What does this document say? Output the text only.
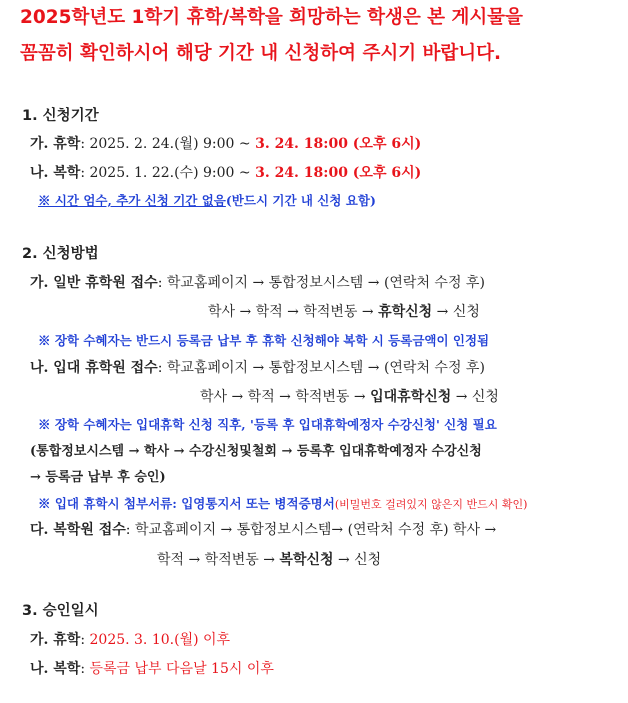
2025학년도 1학기 휴학/복학을 희망하는 학생은 본 게시물을
꼼꼼히 확인하시어 해당 기간 내 신청하여 주시기 바랍니다.
1. 신청기간
가. 휴학: 2025. 2. 24.(월) 9:00 ~ 3. 24. 18:00 (오후 6시)
나. 복학: 2025. 1. 22.(수) 9:00 ~ 3. 24. 18:00 (오후 6시)
※ 시간 엄수, 추가 신청 기간 없음(반드시 기간 내 신청 요함)
2. 신청방법
가. 일반 휴학원 접수: 학교홈페이지 → 통합정보시스템 → (연락처 수정 후)
학사 → 학적 → 학적변동 → 휴학신청 → 신청
※ 장학 수혜자는 반드시 등록금 납부 후 휴학 신청해야 복학 시 등록금액이 인정됨
나. 입대 휴학원 접수: 학교홈페이지 → 통합정보시스템 → (연락처 수정 후)
학사 → 학적 → 학적변동 → 입대휴학신청 → 신청
※ 장학 수혜자는 입대휴학 신청 직후, '등록 후 입대휴학예정자 수강신청' 신청 필요
(통합정보시스템 → 학사 → 수강신청및철회 → 등록후 입대휴학예정자 수강신청
→ 등록금 납부 후 승인)
※ 입대 휴학시 첨부서류: 입영통지서 또는 병적증명서(비밀번호 걸려있지 않은지 반드시 확인)
다. 복학원 접수: 학교홈페이지 → 통합정보시스템→ (연락처 수정 후) 학사 →
학적 → 학적변동 → 복학신청 → 신청
3. 승인일시
가. 휴학: 2025. 3. 10.(월) 이후
나. 복학: 등록금 납부 다음날 15시 이후
